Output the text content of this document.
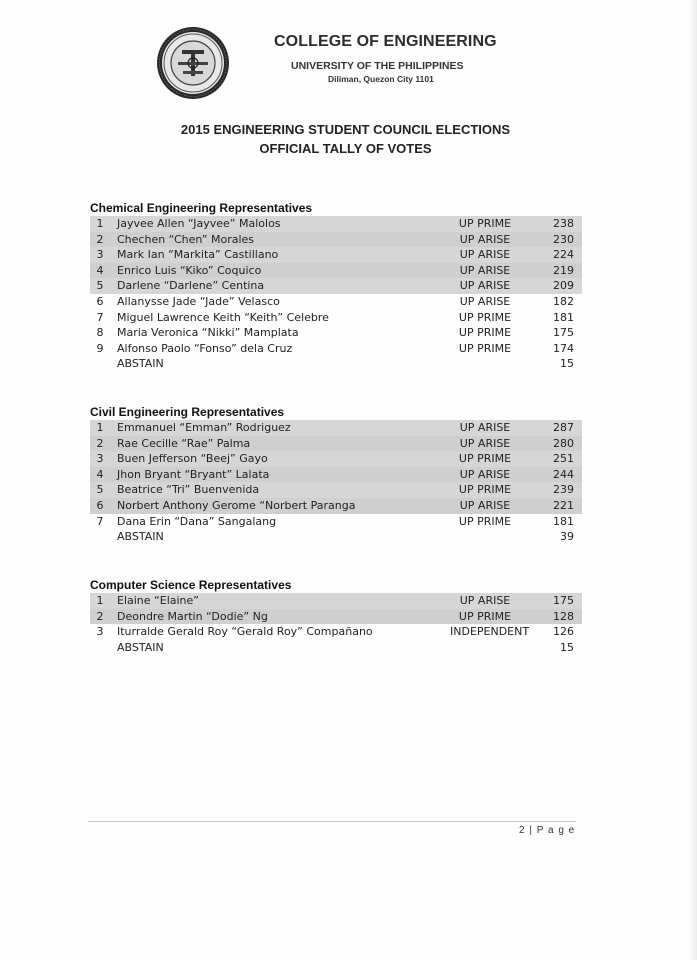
COLLEGE OF ENGINEERING
UNIVERSITY OF THE PHILIPPINES
Diliman, Quezon City 1101
2015 ENGINEERING STUDENT COUNCIL ELECTIONS
OFFICIAL TALLY OF VOTES
Chemical Engineering Representatives
1	Jayvee Allen “Jayvee” Malolos	UP PRIME	238
2	Chechen “Chen” Morales	UP ARISE	230
3	Mark Ian “Markita” Castillano	UP ARISE	224
4	Enrico Luis “Kiko” Coquico	UP ARISE	219
5	Darlene “Darlene” Centina	UP ARISE	209
6	Allanysse Jade “Jade” Velasco	UP ARISE	182
7	Miguel Lawrence Keith “Keith” Celebre	UP PRIME	181
8	Maria Veronica “Nikki” Mamplata	UP PRIME	175
9	Alfonso Paolo “Fonso” dela Cruz	UP PRIME	174
ABSTAIN	15
Civil Engineering Representatives
1	Emmanuel “Emman” Rodriguez	UP ARISE	287
2	Rae Cecille “Rae” Palma	UP ARISE	280
3	Buen Jefferson “Beej” Gayo	UP PRIME	251
4	Jhon Bryant “Bryant” Lalata	UP ARISE	244
5	Beatrice “Tri” Buenvenida	UP PRIME	239
6	Norbert Anthony Gerome “Norbert Paranga	UP ARISE	221
7	Dana Erin “Dana” Sangalang	UP PRIME	181
ABSTAIN	39
Computer Science Representatives
1	Elaine “Elaine”	UP ARISE	175
2	Deondre Martin “Dodie” Ng	UP PRIME	128
3	Iturralde Gerald Roy “Gerald Roy” Compañano	INDEPENDENT 126
ABSTAIN	15
2 | P a g e
